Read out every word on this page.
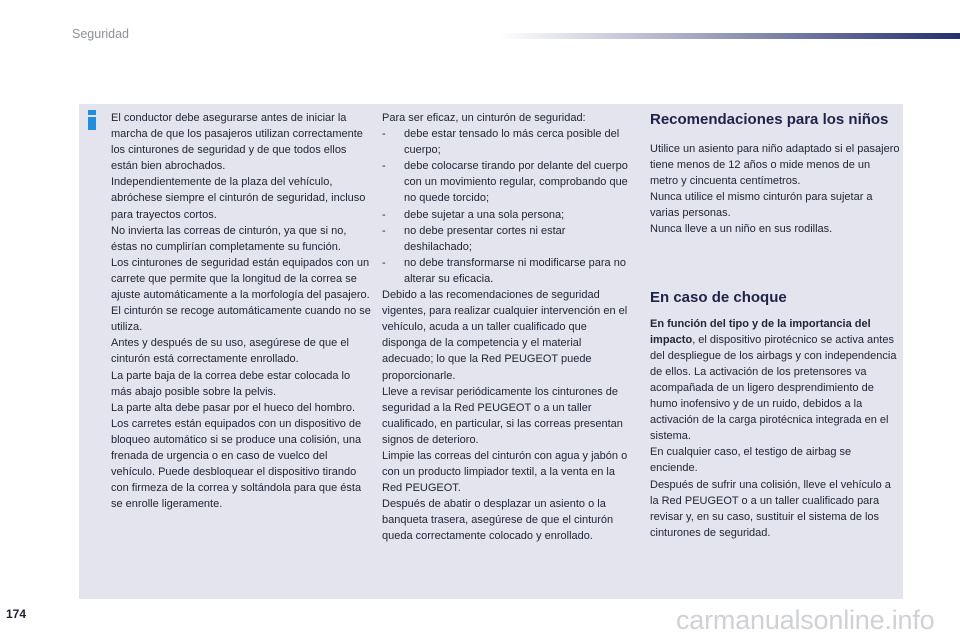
Seguridad

El conductor debe asegurarse antes de iniciar la marcha de que los pasajeros utilizan correctamente los cinturones de seguridad y de que todos ellos están bien abrochados.

Independientemente de la plaza del vehículo, abróchese siempre el cinturón de seguridad, incluso para trayectos cortos.

No invierta las correas de cinturón, ya que si no, éstas no cumplirían completamente su función.

Los cinturones de seguridad están equipados con un carrete que permite que la longitud de la correa se ajuste automáticamente a la morfología del pasajero. El cinturón se recoge automáticamente cuando no se utiliza.

Antes y después de su uso, asegúrese de que el cinturón está correctamente enrollado.

La parte baja de la correa debe estar colocada lo más abajo posible sobre la pelvis.

La parte alta debe pasar por el hueco del hombro.

Los carretes están equipados con un dispositivo de bloqueo automático si se produce una colisión, una frenada de urgencia o en caso de vuelco del vehículo. Puede desbloquear el dispositivo tirando con firmeza de la correa y soltándola para que ésta se enrolle ligeramente.

Para ser eficaz, un cinturón de seguridad:

- debe estar tensado lo más cerca posible del cuerpo;
- debe colocarse tirando por delante del cuerpo con un movimiento regular, comprobando que no quede torcido;
- debe sujetar a una sola persona;
- no debe presentar cortes ni estar deshilachado;
- no debe transformarse ni modificarse para no alterar su eficacia.

Debido a las recomendaciones de seguridad vigentes, para realizar cualquier intervención en el vehículo, acuda a un taller cualificado que disponga de la competencia y el material adecuado; lo que la Red PEUGEOT puede proporcionarle.

Lleve a revisar periódicamente los cinturones de seguridad a la Red PEUGEOT o a un taller cualificado, en particular, si las correas presentan signos de deterioro.

Limpie las correas del cinturón con agua y jabón o con un producto limpiador textil, a la venta en la Red PEUGEOT.

Después de abatir o desplazar un asiento o la banqueta trasera, asegúrese de que el cinturón queda correctamente colocado y enrollado.

Recomendaciones para los niños

Utilice un asiento para niño adaptado si el pasajero tiene menos de 12 años o mide menos de un metro y cincuenta centímetros.

Nunca utilice el mismo cinturón para sujetar a varias personas.

Nunca lleve a un niño en sus rodillas.

En caso de choque

En función del tipo y de la importancia del impacto, el dispositivo pirotécnico se activa antes del despliegue de los airbags y con independencia de ellos. La activación de los pretensores va acompañada de un ligero desprendimiento de humo inofensivo y de un ruido, debidos a la activación de la carga pirotécnica integrada en el sistema.

En cualquier caso, el testigo de airbag se enciende.

Después de sufrir una colisión, lleve el vehículo a la Red PEUGEOT o a un taller cualificado para revisar y, en su caso, sustituir el sistema de los cinturones de seguridad.

174	carmanualsonline.info
